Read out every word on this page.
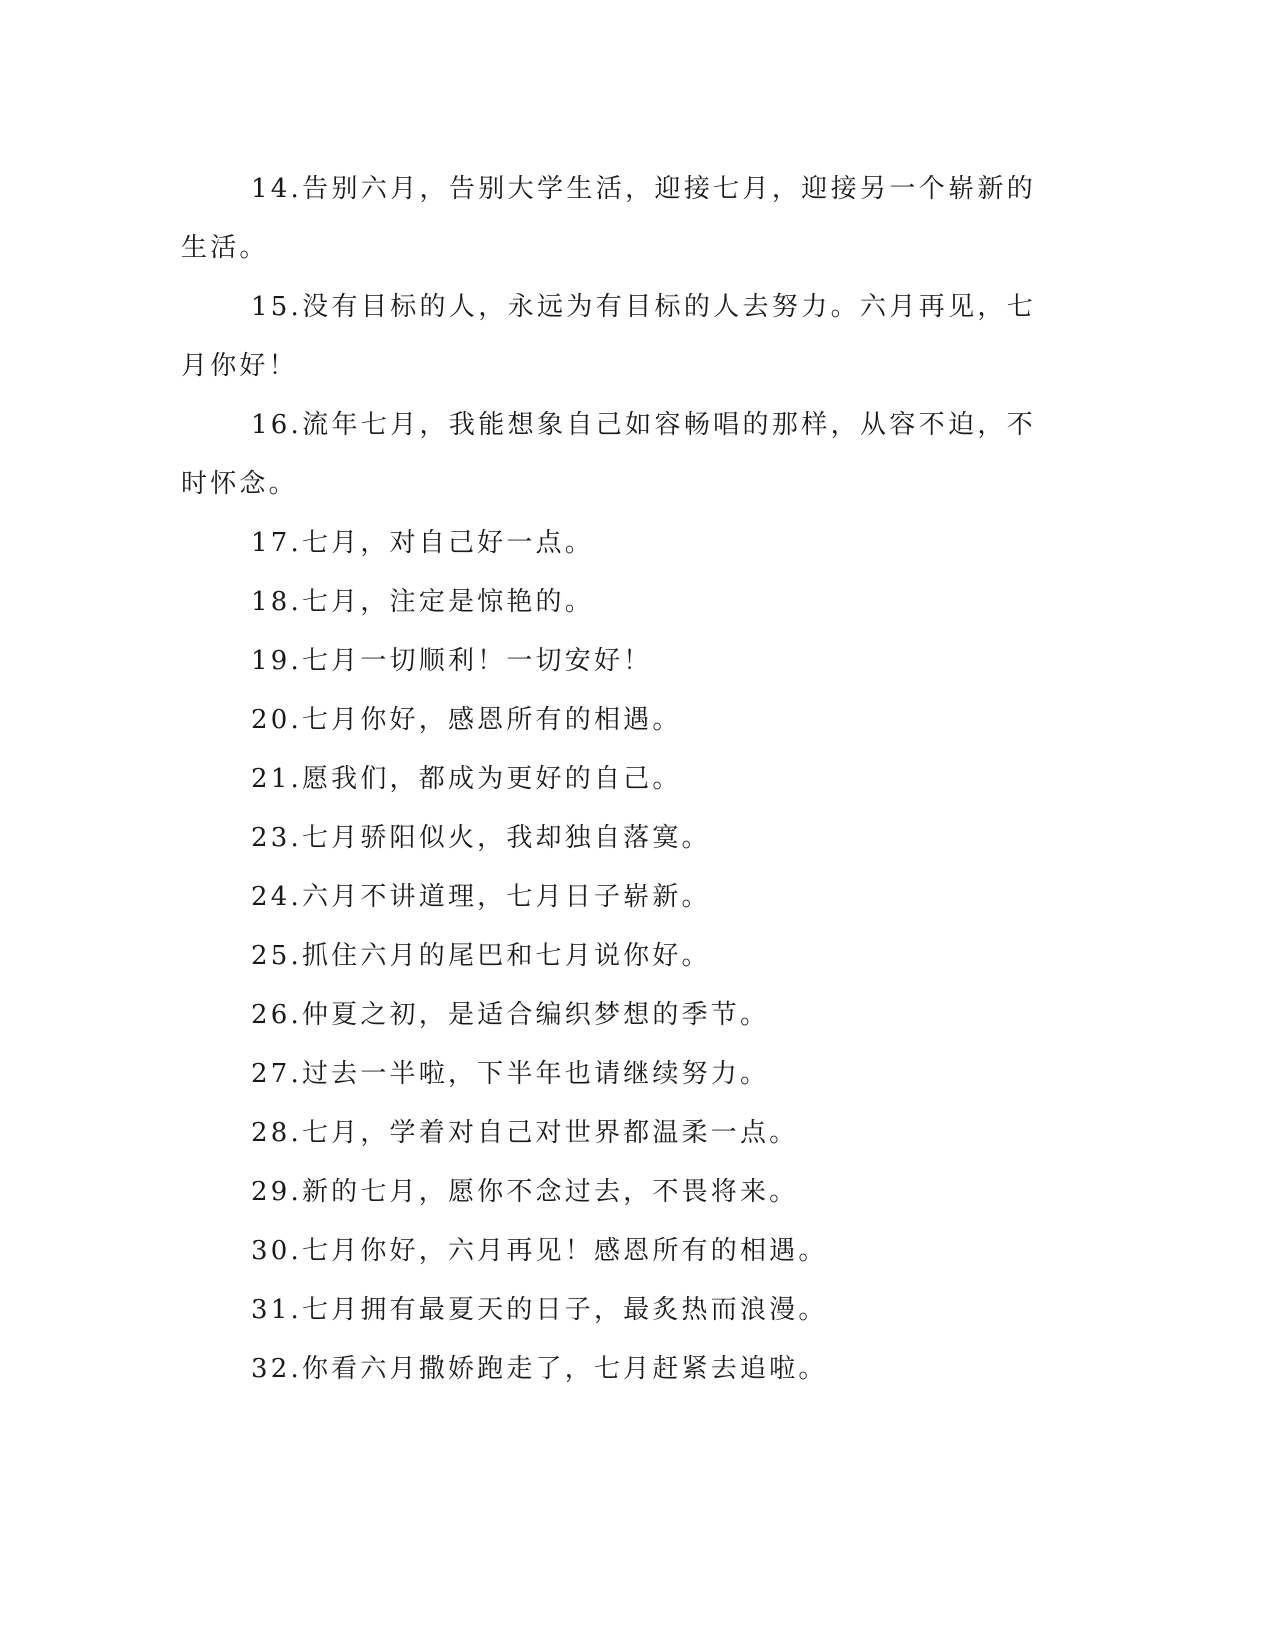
14.告别六月，告别大学生活，迎接七月，迎接另一个崭新的生活。

15.没有目标的人，永远为有目标的人去努力。六月再见，七月你好！

16.流年七月，我能想象自己如容畅唱的那样，从容不迫，不时怀念。

17.七月，对自己好一点。

18.七月，注定是惊艳的。

19.七月一切顺利！一切安好！

20.七月你好，感恩所有的相遇。

21.愿我们，都成为更好的自己。

23.七月骄阳似火，我却独自落寞。

24.六月不讲道理，七月日子崭新。

25.抓住六月的尾巴和七月说你好。

26.仲夏之初，是适合编织梦想的季节。

27.过去一半啦，下半年也请继续努力。

28.七月，学着对自己对世界都温柔一点。

29.新的七月，愿你不念过去，不畏将来。

30.七月你好，六月再见！感恩所有的相遇。

31.七月拥有最夏天的日子，最炙热而浪漫。

32.你看六月撒娇跑走了，七月赶紧去追啦。
